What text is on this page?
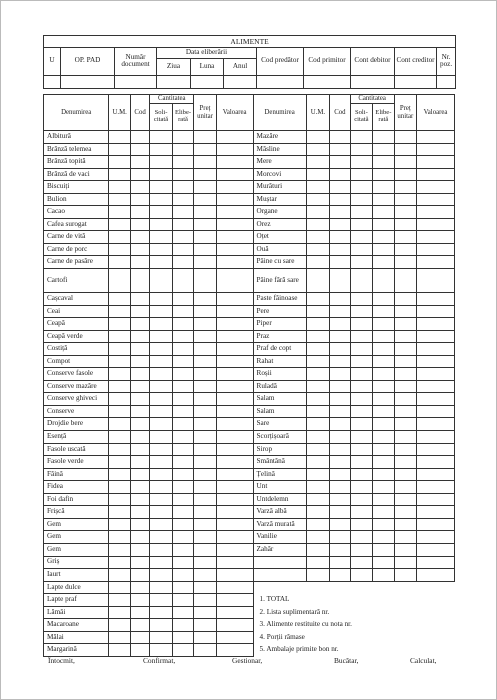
ALIMENTE										
U	OP. PAD	Număr document	Data eliberării			Cod predător	Cod primitor	Cont debitor	Cont creditor	Nr. poz.
			Ziua	Luna	Anul					

Denumirea	U.M.	Cod	Cantitatea		Preț unitar	Valoarea	Denumirea	U.M.	Cod	Cantitatea		Preț unitar	Valoarea
			Soli- citată	Elibe- rată						Soli- citată	Elibe- rată		
Albitură							Mazăre						
Brânză telemea							Măsline						
Brânză topită							Mere						
Brânză de vaci							Morcovi						
Biscuiți							Murături						
Bulion							Muștar						
Cacao							Organe						
Cafea surogat							Orez						
Carne de vită							Oțet						
Carne de porc							Ouă						
Carne de pasăre							Pâine cu sare						
Cartofi							Pâine fără sare						
Cașcaval							Paste făinoase						
Ceai							Pere						
Ceapă							Piper						
Ceapă verde							Praz						
Costiță							Praf de copt						
Compot							Rahat						
Conserve fasole							Roșii						
Conserve mazăre							Ruladă						
Conserve ghiveci							Salam						
Conserve							Salam						
Drojdie bere							Sare						
Esență							Scorțișoară						
Fasole uscată							Sirop						
Fasole verde							Smântână						
Făină							Țelină						
Fidea							Unt						
Foi dafin							Untdelemn						
Frișcă							Varză albă						
Gem							Varză murată						
Gem							Vanilie						
Gem							Zahăr						
Griș													
Iaurt													
Lapte dulce													
Lapte praf							1. TOTAL						
Lămâi							2. Lista suplimentară nr.						
Macaroane							3. Alimente restituite cu nota nr.						
Mălai							4. Porții rămase						
Margarină							5. Ambalaje primite bon nr.						
Întocmit,	Confirmat,	Gestionar,	Bucătar,	Calculat,
